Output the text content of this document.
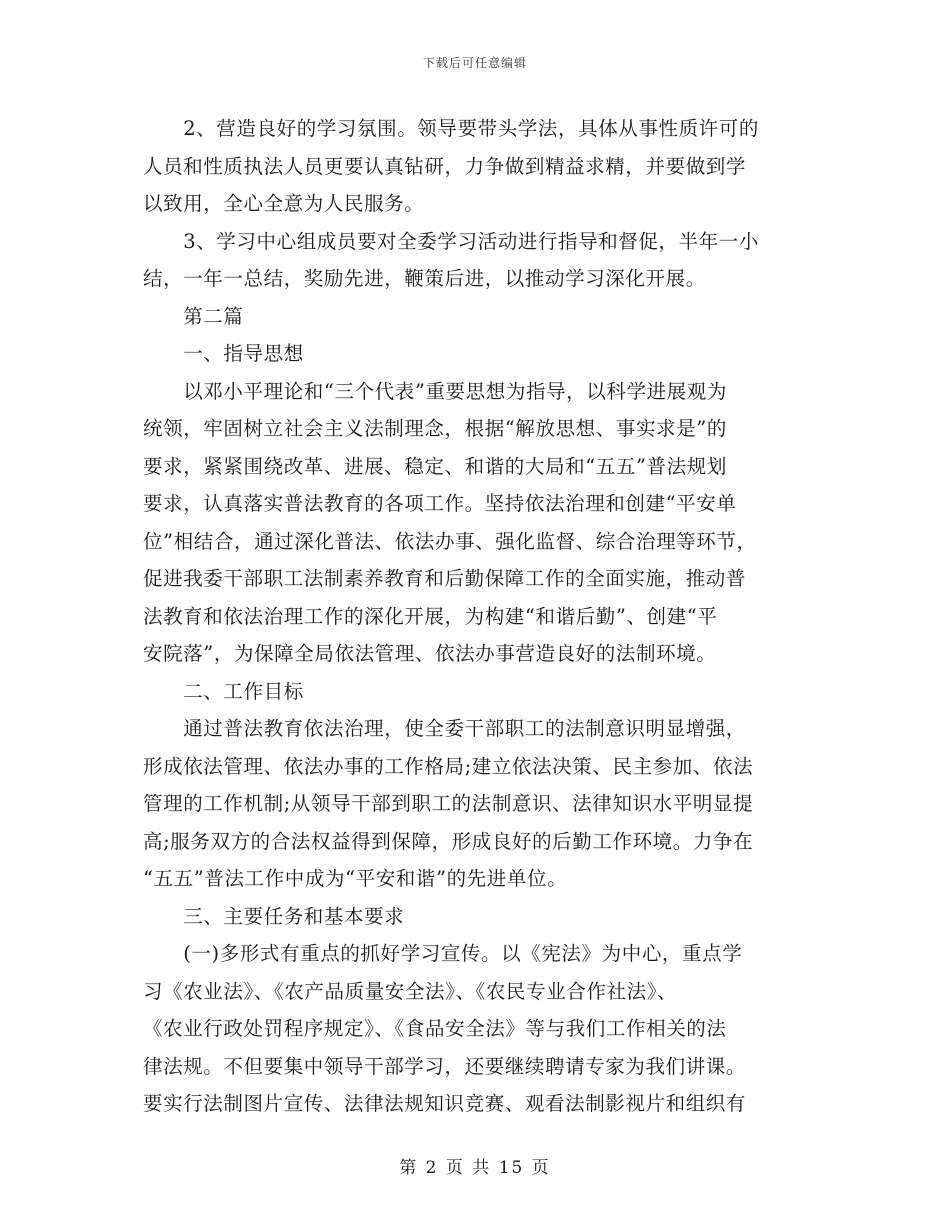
下载后可任意编辑
　　2、营造良好的学习氛围。领导要带头学法，具体从事性质许可的
人员和性质执法人员更要认真钻研，力争做到精益求精，并要做到学
以致用，全心全意为人民服务。
　　3、学习中心组成员要对全委学习活动进行指导和督促，半年一小
结，一年一总结，奖励先进，鞭策后进，以推动学习深化开展。
　　第二篇
　　一、指导思想
　　以邓小平理论和“三个代表”重要思想为指导，以科学进展观为
统领，牢固树立社会主义法制理念，根据“解放思想、事实求是”的
要求，紧紧围绕改革、进展、稳定、和谐的大局和“五五”普法规划
要求，认真落实普法教育的各项工作。坚持依法治理和创建“平安单
位”相结合，通过深化普法、依法办事、强化监督、综合治理等环节，
促进我委干部职工法制素养教育和后勤保障工作的全面实施，推动普
法教育和依法治理工作的深化开展，为构建“和谐后勤”、创建“平
安院落”，为保障全局依法管理、依法办事营造良好的法制环境。
　　二、工作目标
　　通过普法教育依法治理，使全委干部职工的法制意识明显增强，
形成依法管理、依法办事的工作格局;建立依法决策、民主参加、依法
管理的工作机制;从领导干部到职工的法制意识、法律知识水平明显提
高;服务双方的合法权益得到保障，形成良好的后勤工作环境。力争在
“五五”普法工作中成为“平安和谐”的先进单位。
　　三、主要任务和基本要求
　　(一)多形式有重点的抓好学习宣传。以《宪法》为中心，重点学
习《农业法》、《农产品质量安全法》、《农民专业合作社法》、
《农业行政处罚程序规定》、《食品安全法》等与我们工作相关的法
律法规。不但要集中领导干部学习，还要继续聘请专家为我们讲课。
要实行法制图片宣传、法律法规知识竞赛、观看法制影视片和组织有
第 2 页 共 15 页
